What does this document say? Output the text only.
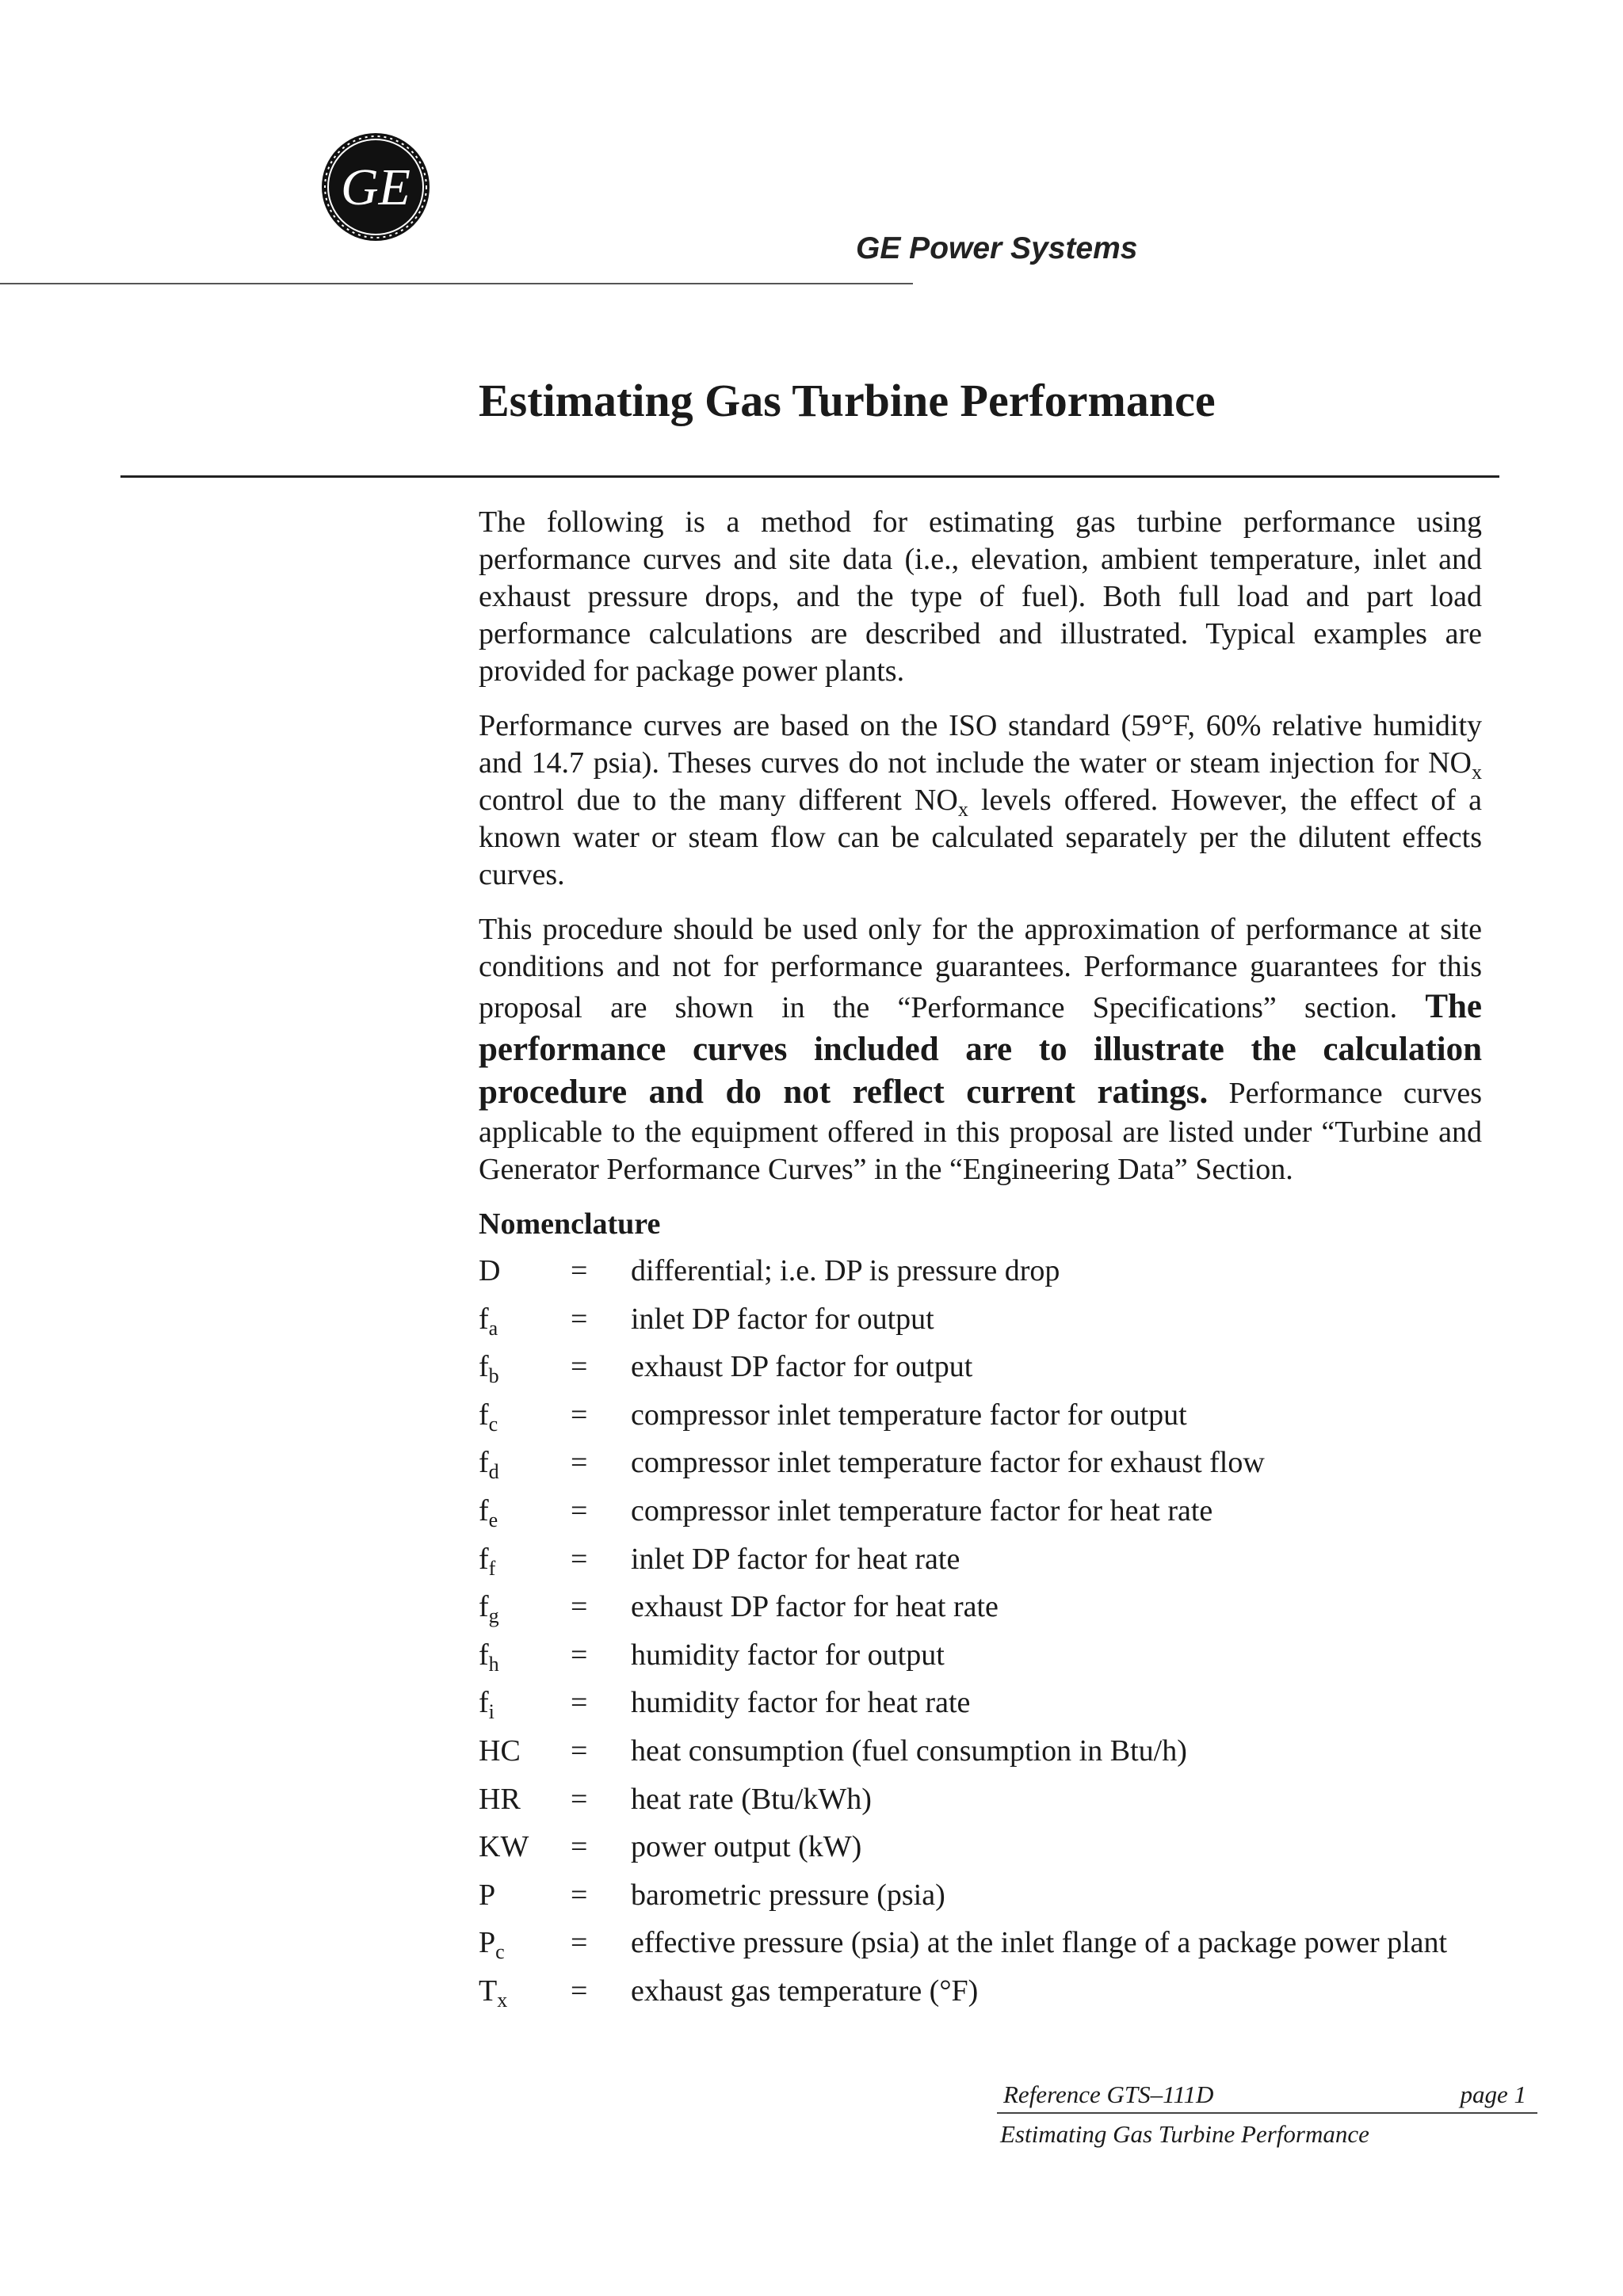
GE
GE Power Systems
Estimating Gas Turbine Performance

The following is a method for estimating gas turbine performance using performance curves and site data (i.e., elevation, ambient temperature, inlet and exhaust pressure drops, and the type of fuel). Both full load and part load performance calculations are described and illustrated. Typical examples are provided for package power plants.

Performance curves are based on the ISO standard (59°F, 60% relative humidity and 14.7 psia). Theses curves do not include the water or steam injection for $NO_x$ control due to the many different $NO_x$ levels offered. However, the effect of a known water or steam flow can be calculated separately per the dilutent effects curves.

This procedure should be used only for the approximation of performance at site conditions and not for performance guarantees. Performance guarantees for this proposal are shown in the “Performance Specifications” section. The performance curves included are to illustrate the calculation procedure and do not reflect current ratings. Performance curves applicable to the equipment offered in this proposal are listed under “Turbine and Generator Performance Curves” in the “Engineering Data” Section.

Nomenclature
D	=	differential; i.e. DP is pressure drop
$f_a$	=	inlet DP factor for output
$f_b$	=	exhaust DP factor for output
$f_c$	=	compressor inlet temperature factor for output
$f_d$	=	compressor inlet temperature factor for exhaust flow
$f_e$	=	compressor inlet temperature factor for heat rate
$f_f$	=	inlet DP factor for heat rate
$f_g$	=	exhaust DP factor for heat rate
$f_h$	=	humidity factor for output
$f_i$	=	humidity factor for heat rate
HC	=	heat consumption (fuel consumption in Btu/h)
HR	=	heat rate (Btu/kWh)
KW	=	power output (kW)
P	=	barometric pressure (psia)
$P_c$	=	effective pressure (psia) at the inlet flange of a package power plant
$T_x$	=	exhaust gas temperature (°F)
Reference GTS–111D	page 1
Estimating Gas Turbine Performance
